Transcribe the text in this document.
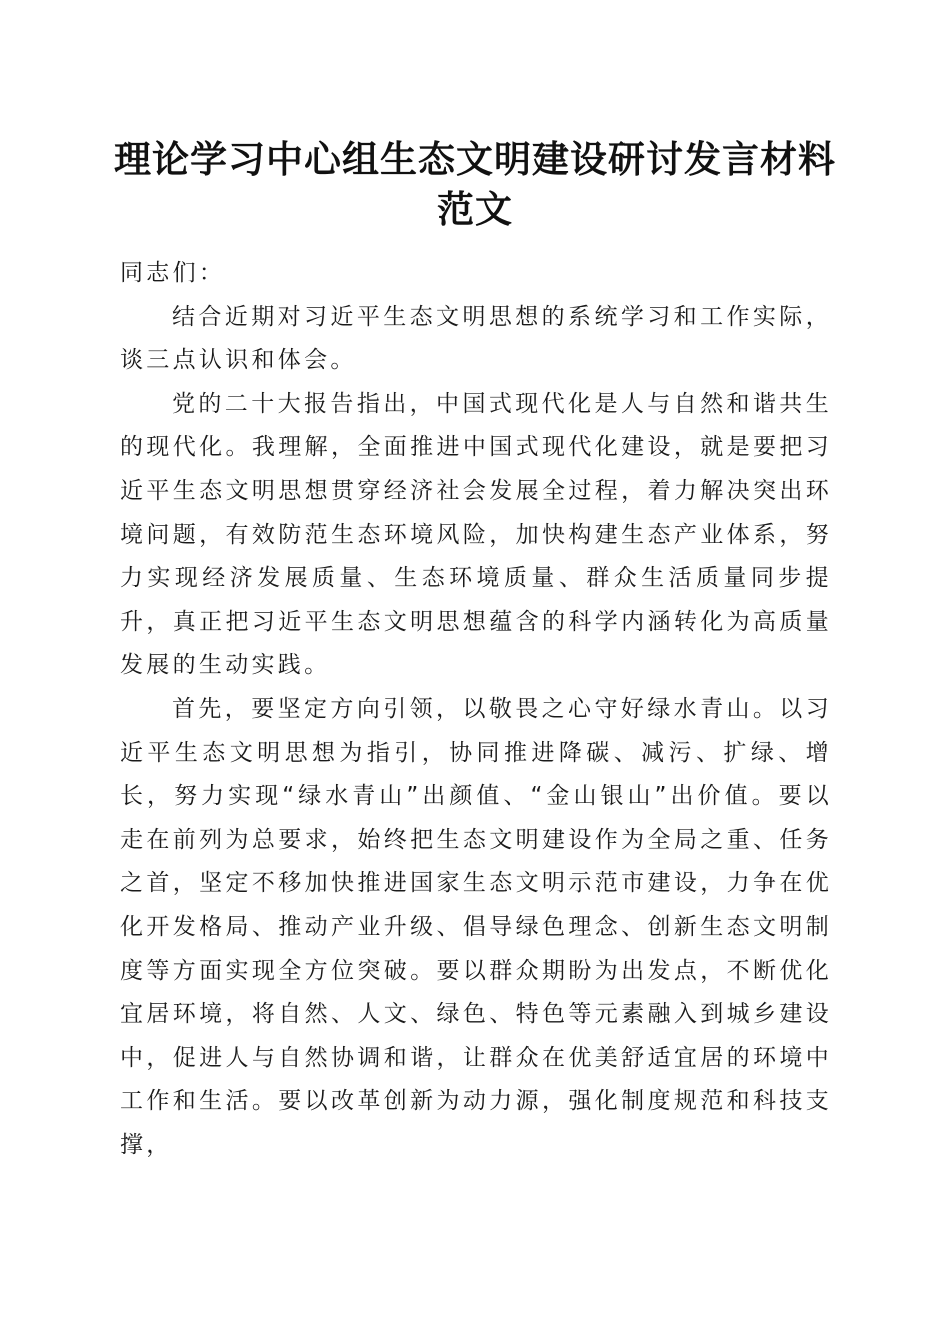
理论学习中心组生态文明建设研讨发言材料范文

同志们：

结合近期对习近平生态文明思想的系统学习和工作实际，谈三点认识和体会。

党的二十大报告指出，中国式现代化是人与自然和谐共生的现代化。我理解，全面推进中国式现代化建设，就是要把习近平生态文明思想贯穿经济社会发展全过程，着力解决突出环境问题，有效防范生态环境风险，加快构建生态产业体系，努力实现经济发展质量、生态环境质量、群众生活质量同步提升，真正把习近平生态文明思想蕴含的科学内涵转化为高质量发展的生动实践。

首先，要坚定方向引领，以敬畏之心守好绿水青山。以习近平生态文明思想为指引，协同推进降碳、减污、扩绿、增长，努力实现“绿水青山”出颜值、“金山银山”出价值。要以走在前列为总要求，始终把生态文明建设作为全局之重、任务之首，坚定不移加快推进国家生态文明示范市建设，力争在优化开发格局、推动产业升级、倡导绿色理念、创新生态文明制度等方面实现全方位突破。要以群众期盼为出发点，不断优化宜居环境，将自然、人文、绿色、特色等元素融入到城乡建设中，促进人与自然协调和谐，让群众在优美舒适宜居的环境中工作和生活。要以改革创新为动力源，强化制度规范和科技支撑，
